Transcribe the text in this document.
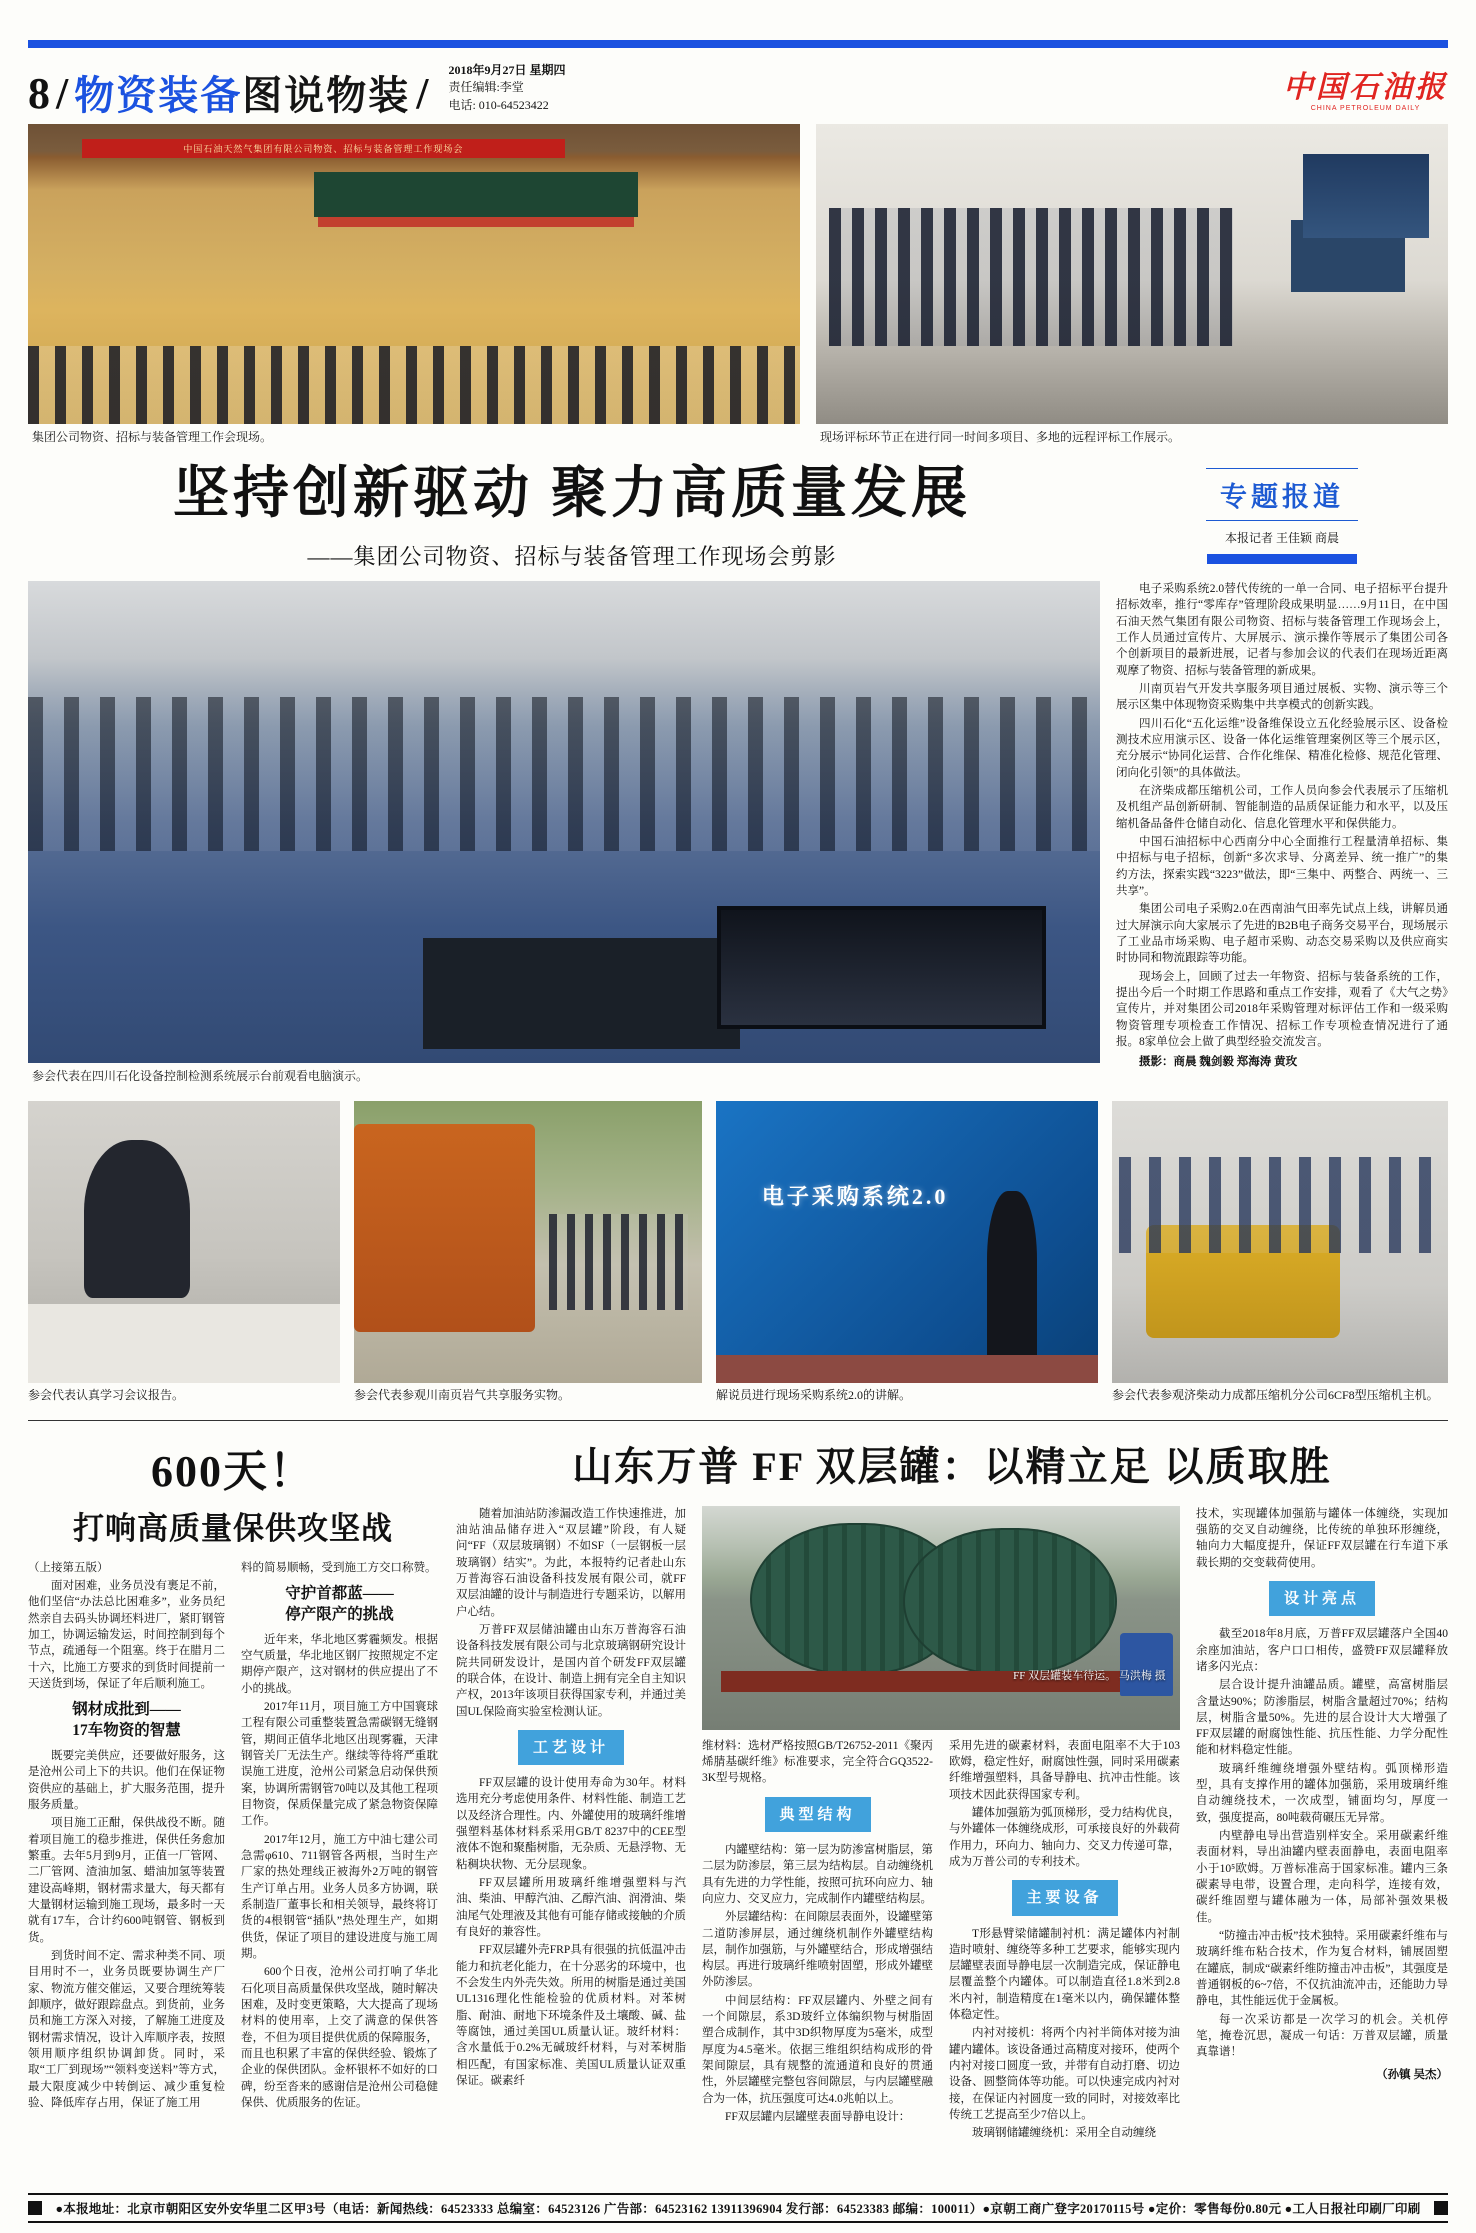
8 / 物资装备 图说物装 / 2018年9月27日 星期四
责任编辑:李堂
电话: 010-64523422
中国石油报
CHINA PETROLEUM DAILY
中国石油天然气集团有限公司物资、招标与装备管理工作现场会
集团公司物资、招标与装备管理工作会现场。	现场评标环节正在进行同一时间多项目、多地的远程评标工作展示。
坚持创新驱动 聚力高质量发展
——集团公司物资、招标与装备管理工作现场会剪影
专题报道
本报记者 王佳颖 商晨
参会代表在四川石化设备控制检测系统展示台前观看电脑演示。

电子采购系统2.0替代传统的一单一合同、电子招标平台提升招标效率，推行“零库存”管理阶段成果明显……9月11日，在中国石油天然气集团有限公司物资、招标与装备管理工作现场会上，工作人员通过宣传片、大屏展示、演示操作等展示了集团公司各个创新项目的最新进展，记者与参加会议的代表们在现场近距离观摩了物资、招标与装备管理的新成果。

川南页岩气开发共享服务项目通过展板、实物、演示等三个展示区集中体现物资采购集中共享模式的创新实践。

四川石化“五化运维”设备维保设立五化经验展示区、设备检测技术应用演示区、设备一体化运维管理案例区等三个展示区，充分展示“协同化运营、合作化维保、精准化检修、规范化管理、闭向化引领”的具体做法。

在济柴成都压缩机公司，工作人员向参会代表展示了压缩机及机组产品创新研制、智能制造的品质保证能力和水平，以及压缩机备品备件仓储自动化、信息化管理水平和保供能力。

中国石油招标中心西南分中心全面推行工程量清单招标、集中招标与电子招标，创新“多次求导、分离差异、统一推广”的集约方法，探索实践“3223”做法，即“三集中、两整合、两统一、三共享”。

集团公司电子采购2.0在西南油气田率先试点上线，讲解员通过大屏演示向大家展示了先进的B2B电子商务交易平台，现场展示了工业品市场采购、电子超市采购、动态交易采购以及供应商实时协同和物流跟踪等功能。

现场会上，回顾了过去一年物资、招标与装备系统的工作，提出今后一个时期工作思路和重点工作安排，观看了《大气之势》宣传片，并对集团公司2018年采购管理对标评估工作和一级采购物资管理专项检查工作情况、招标工作专项检查情况进行了通报。8家单位会上做了典型经验交流发言。

摄影：商晨 魏剑毅 郑海涛 黄玫
参会代表认真学习会议报告。	参会代表参观川南页岩气共享服务实物。
电子采购系统2.0
解说员进行现场采购系统2.0的讲解。	参会代表参观济柴动力成都压缩机分公司6CF8型压缩机主机。
600天！
打响高质量保供攻坚战

（上接第五版）

面对困难，业务员没有裹足不前，他们坚信“办法总比困难多”，业务员纪然亲自去码头协调坯料进厂，紧盯钢管加工，协调运输发运，时间控制到每个节点，疏通每一个阻塞。终于在腊月二十六，比施工方要求的到货时间提前一天送货到场，保证了年后顺利施工。

钢材成批到——
17车物资的智慧

既要完美供应，还要做好服务，这是沧州公司上下的共识。他们在保证物资供应的基础上，扩大服务范围，提升服务质量。

项目施工正酣，保供战役不断。随着项目施工的稳步推进，保供任务愈加繁重。去年5月到9月，正值一厂管网、二厂管网、渣油加氢、蜡油加氢等装置建设高峰期，钢材需求量大，每天都有大量钢材运输到施工现场，最多时一天就有17车，合计约600吨钢管、钢板到货。

到货时间不定、需求种类不同、项目用时不一，业务员既要协调生产厂家、物流方催交催运，又要合理统筹装卸顺序，做好跟踪盘点。到货前，业务员和施工方深入对接，了解施工进度及钢材需求情况，设计入库顺序表，按照领用顺序组织协调卸货。同时，采取“工厂到现场”“领料变送料”等方式，最大限度减少中转倒运、减少重复检验、降低库存占用，保证了施工用

料的简易顺畅，受到施工方交口称赞。

守护首都蓝——
停产限产的挑战

近年来，华北地区雾霾频发。根据空气质量，华北地区钢厂按照规定不定期停产限产，这对钢材的供应提出了不小的挑战。

2017年11月，项目施工方中国寰球工程有限公司重整装置急需碳钢无缝钢管，期间正值华北地区出现雾霾，天津钢管关厂无法生产。继续等待将严重耽误施工进度，沧州公司紧急启动保供预案，协调所需钢管70吨以及其他工程项目物资，保质保量完成了紧急物资保障工作。

2017年12月，施工方中油七建公司急需φ610、711钢管各两根，当时生产厂家的热处理线正被海外2万吨的钢管生产订单占用。业务人员多方协调，联系制造厂董事长和相关领导，最终将订货的4根钢管“插队”热处理生产，如期供货，保证了项目的建设进度与施工周期。

600个日夜，沧州公司打响了华北石化项目高质量保供攻坚战，随时解决困难，及时变更策略，大大提高了现场材料的使用率，上交了满意的保供答卷，不但为项目提供优质的保障服务，而且也积累了丰富的保供经验、锻炼了企业的保供团队。金杯银杯不如好的口碑，纷至沓来的感谢信是沧州公司稳健保供、优质服务的佐证。

山东万普 FF 双层罐：以精立足 以质取胜

随着加油站防渗漏改造工作快速推进，加油站油品储存进入“双层罐”阶段，有人疑问“FF（双层玻璃钢）不如SF（一层钢板一层玻璃钢）结实”。为此，本报特约记者赴山东万普海容石油设备科技发展有限公司，就FF双层油罐的设计与制造进行专题采访，以解用户心结。

万普FF双层储油罐由山东万普海容石油设备科技发展有限公司与北京玻璃钢研究设计院共同研发设计，是国内首个研发FF双层罐的联合体，在设计、制造上拥有完全自主知识产权，2013年该项目获得国家专利，并通过美国UL保险商实验室检测认证。

工艺设计

FF双层罐的设计使用寿命为30年。材料选用充分考虑使用条件、材料性能、制造工艺以及经济合理性。内、外罐使用的玻璃纤维增强塑料基体材料系采用GB/T 8237中的CEE型液体不饱和聚酯树脂，无杂质、无悬浮物、无粘稠块状物、无分层现象。

FF双层罐所用玻璃纤维增强塑料与汽油、柴油、甲醇汽油、乙醇汽油、润滑油、柴油尾气处理液及其他有可能存储或接触的介质有良好的兼容性。

FF双层罐外壳FRP具有很强的抗低温冲击能力和抗老化能力，在十分恶劣的环境中，也不会发生内外壳失效。所用的树脂是通过美国UL1316理化性能检验的优质材料。对苯树脂、耐油、耐地下环境条件及土壤酸、碱、盐等腐蚀，通过美国UL质量认证。玻纤材料：含水量低于0.2%无碱玻纤材料，与对苯树脂相匹配，有国家标准、美国UL质量认证双重保证。碳素纤

FF 双层罐装车待运。 马洪梅 摄

维材料：选材严格按照GB/T26752-2011《聚丙烯腈基碳纤维》标准要求，完全符合GQ3522-3K型号规格。

典型结构

内罐壁结构：第一层为防渗富树脂层，第二层为防渗层，第三层为结构层。自动缠绕机具有先进的力学性能，按照可抗环向应力、轴向应力、交叉应力，完成制作内罐壁结构层。

外层罐结构：在间隙层表面外，设罐壁第二道防渗屏层，通过缠绕机制作外罐壁结构层，制作加强筋，与外罐壁结合，形成增强结构层。再进行玻璃纤维喷射固塑，形成外罐壁外防渗层。

中间层结构：FF双层罐内、外壁之间有一个间隙层，系3D玻纤立体编织物与树脂固塑合成制作，其中3D织物厚度为5毫米，成型厚度为4.5毫米。依据三维组织结构成形的骨架间隙层，具有规整的流通道和良好的贯通性，外层罐壁完整包容间隙层，与内层罐壁融合为一体，抗压强度可达4.0兆帕以上。

FF双层罐内层罐壁表面导静电设计：

采用先进的碳素材料，表面电阻率不大于103欧姆，稳定性好，耐腐蚀性强，同时采用碳素纤维增强塑料，具备导静电、抗冲击性能。该项技术因此获得国家专利。

罐体加强筋为弧顶梯形，受力结构优良，与外罐体一体缠绕成形，可承接良好的外载荷作用力，环向力、轴向力、交叉力传递可靠，成为万普公司的专利技术。

主要设备

T形悬臂梁储罐制衬机：满足罐体内衬制造时喷射、缠绕等多种工艺要求，能够实现内层罐壁表面导静电层一次制造完成，保证静电层覆盖整个内罐体。可以制造直径1.8米到2.8米内衬，制造精度在1毫米以内，确保罐体整体稳定性。

内衬对接机：将两个内衬半筒体对接为油罐内罐体。该设备通过高精度对接环，使两个内衬对接口圆度一致，并带有自动打磨、切边设备、圆整筒体等功能。可以快速完成内衬对接，在保证内衬圆度一致的同时，对接效率比传统工艺提高至少7倍以上。

玻璃钢储罐缠绕机：采用全自动缠绕

技术，实现罐体加强筋与罐体一体缠绕，实现加强筋的交叉自动缠绕，比传统的单独环形缠绕，轴向力大幅度提升，保证FF双层罐在行车道下承载长期的交变载荷使用。

设计亮点

截至2018年8月底，万普FF双层罐落户全国40余座加油站，客户口口相传，盛赞FF双层罐释放诸多闪光点：

层合设计提升油罐品质。罐壁，高富树脂层含量达90%；防渗脂层，树脂含量超过70%；结构层，树脂含量50%。先进的层合设计大大增强了FF双层罐的耐腐蚀性能、抗压性能、力学分配性能和材料稳定性能。

玻璃纤维缠绕增强外壁结构。弧顶梯形造型，具有支撑作用的罐体加强筋，采用玻璃纤维自动缠绕技术，一次成型，铺面均匀，厚度一致，强度提高，80吨载荷碾压无异常。

内壁静电导出营造别样安全。采用碳素纤维表面材料，导出油罐内壁表面静电，表面电阻率小于10⁵欧姆。万普标准高于国家标准。罐内三条碳素导电带，设置合理，走向科学，连接有效，碳纤维固塑与罐体融为一体，局部补强效果极佳。

“防撞击冲击板”技术独特。采用碳素纤维布与玻璃纤维布粘合技术，作为复合材料，铺展固塑在罐底，制成“碳素纤维防撞击冲击板”，其强度是普通钢板的6~7倍，不仅抗油流冲击，还能助力导静电，其性能远优于金属板。

每一次采访都是一次学习的机会。关机停笔，掩卷沉思，凝成一句话：万普双层罐，质量真靠谱！

（孙镇 吴杰）
●本报地址：北京市朝阳区安外安华里二区甲3号（电话：新闻热线：64523333 总编室：64523126 广告部：64523162 13911396904 发行部：64523383 邮编：100011）●京朝工商广登字20170115号 ●定价：零售每份0.80元 ●工人日报社印刷厂印刷
